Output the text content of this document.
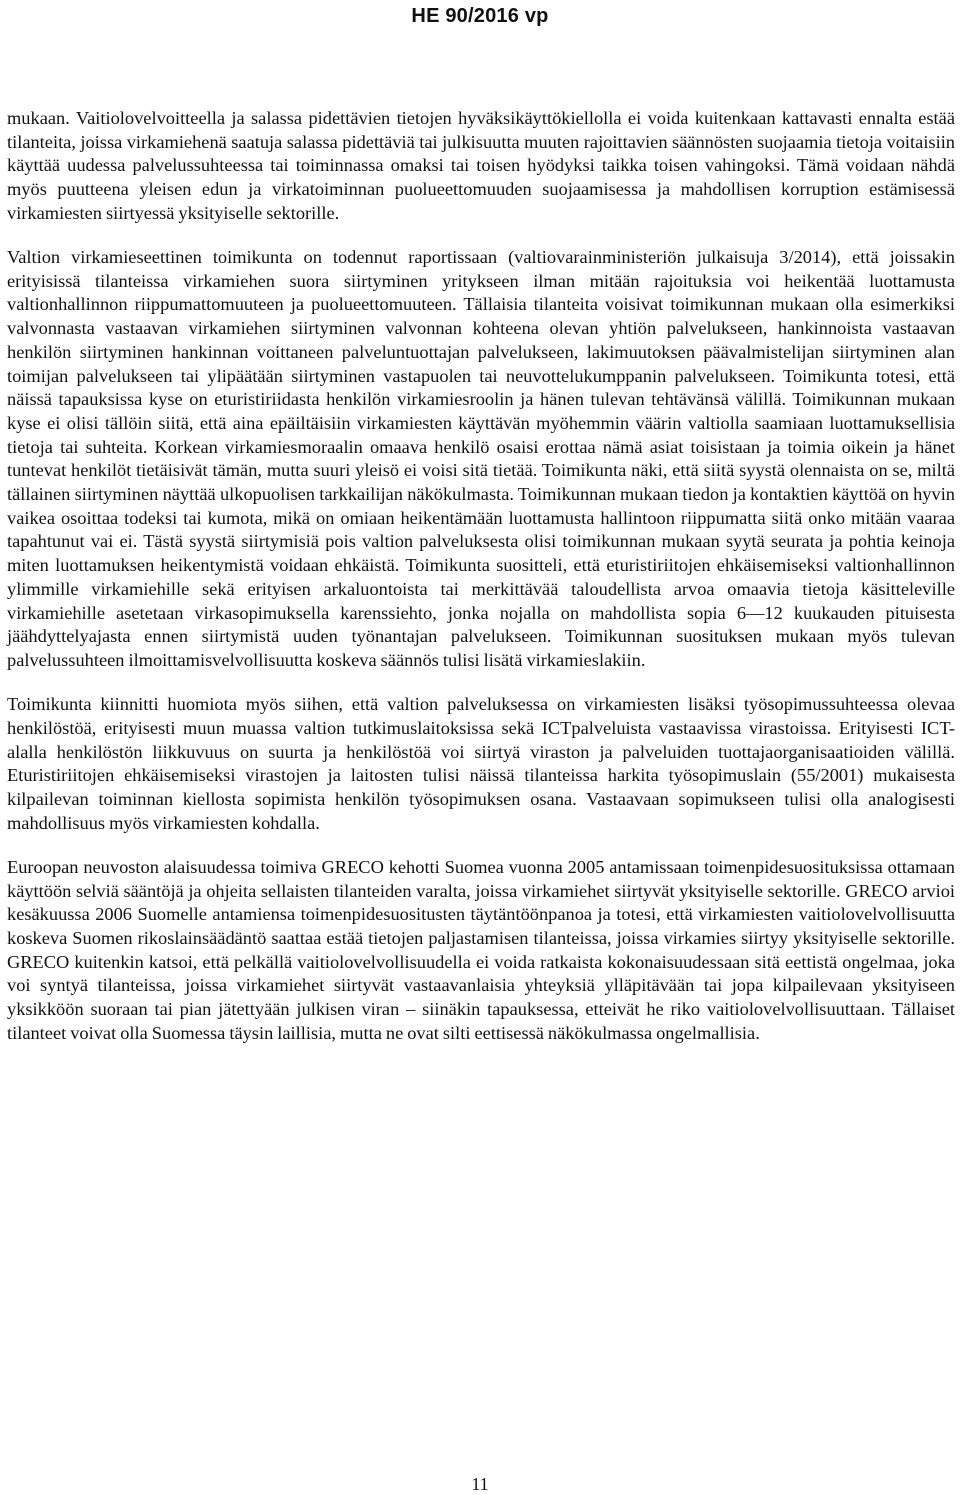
HE 90/2016 vp

mukaan. Vaitiolovelvoitteella ja salassa pidettävien tietojen hyväksikäyttökiellolla ei voida kuitenkaan kattavasti ennalta estää tilanteita, joissa virkamiehenä saatuja salassa pidettäviä tai julkisuutta muuten rajoittavien säännösten suojaamia tietoja voitaisiin käyttää uudessa palvelussuhteessa tai toiminnassa omaksi tai toisen hyödyksi taikka toisen vahingoksi. Tämä voidaan nähdä myös puutteena yleisen edun ja virkatoiminnan puolueettomuuden suojaamisessa ja mahdollisen korruption estämisessä virkamiesten siirtyessä yksityiselle sektorille.

Valtion virkamieseettinen toimikunta on todennut raportissaan (valtiovarainministeriön julkaisuja 3/2014), että joissakin erityisissä tilanteissa virkamiehen suora siirtyminen yritykseen ilman mitään rajoituksia voi heikentää luottamusta valtionhallinnon riippumattomuuteen ja puolueettomuuteen. Tällaisia tilanteita voisivat toimikunnan mukaan olla esimerkiksi valvonnasta vastaavan virkamiehen siirtyminen valvonnan kohteena olevan yhtiön palvelukseen, hankinnoista vastaavan henkilön siirtyminen hankinnan voittaneen palveluntuottajan palvelukseen, lakimuutoksen päävalmistelijan siirtyminen alan toimijan palvelukseen tai ylipäätään siirtyminen vastapuolen tai neuvottelukumppanin palvelukseen. Toimikunta totesi, että näissä tapauksissa kyse on eturistiriidasta henkilön virkamiesroolin ja hänen tulevan tehtävänsä välillä. Toimikunnan mukaan kyse ei olisi tällöin siitä, että aina epäiltäisiin virkamiesten käyttävän myöhemmin väärin valtiolla saamiaan luottamuksellisia tietoja tai suhteita. Korkean virkamiesmoraalin omaava henkilö osaisi erottaa nämä asiat toisistaan ja toimia oikein ja hänet tuntevat henkilöt tietäisivät tämän, mutta suuri yleisö ei voisi sitä tietää. Toimikunta näki, että siitä syystä olennaista on se, miltä tällainen siirtyminen näyttää ulkopuolisen tarkkailijan näkökulmasta. Toimikunnan mukaan tiedon ja kontaktien käyttöä on hyvin vaikea osoittaa todeksi tai kumota, mikä on omiaan heikentämään luottamusta hallintoon riippumatta siitä onko mitään vaaraa tapahtunut vai ei. Tästä syystä siirtymisiä pois valtion palveluksesta olisi toimikunnan mukaan syytä seurata ja pohtia keinoja miten luottamuksen heikentymistä voidaan ehkäistä. Toimikunta suositteli, että eturistiriitojen ehkäisemiseksi valtionhallinnon ylimmille virkamiehille sekä erityisen arkaluontoista tai merkittävää taloudellista arvoa omaavia tietoja käsitteleville virkamiehille asetetaan virkasopimuksella karenssiehto, jonka nojalla on mahdollista sopia 6—12 kuukauden pituisesta jäähdyttelyajasta ennen siirtymistä uuden työnantajan palvelukseen. Toimikunnan suosituksen mukaan myös tulevan palvelussuhteen ilmoittamisvelvollisuutta koskeva säännös tulisi lisätä virkamieslakiin.

Toimikunta kiinnitti huomiota myös siihen, että valtion palveluksessa on virkamiesten lisäksi työsopimussuhteessa olevaa henkilöstöä, erityisesti muun muassa valtion tutkimuslaitoksissa sekä ICTpalveluista vastaavissa virastoissa. Erityisesti ICT-alalla henkilöstön liikkuvuus on suurta ja henkilöstöä voi siirtyä viraston ja palveluiden tuottajaorganisaatioiden välillä. Eturistiriitojen ehkäisemiseksi virastojen ja laitosten tulisi näissä tilanteissa harkita työsopimuslain (55/2001) mukaisesta kilpailevan toiminnan kiellosta sopimista henkilön työsopimuksen osana. Vastaavaan sopimukseen tulisi olla analogisesti mahdollisuus myös virkamiesten kohdalla.

Euroopan neuvoston alaisuudessa toimiva GRECO kehotti Suomea vuonna 2005 antamissaan toimenpidesuosituksissa ottamaan käyttöön selviä sääntöjä ja ohjeita sellaisten tilanteiden varalta, joissa virkamiehet siirtyvät yksityiselle sektorille. GRECO arvioi kesäkuussa 2006 Suomelle antamiensa toimenpidesuositusten täytäntöönpanoa ja totesi, että virkamiesten vaitiolovelvollisuutta koskeva Suomen rikoslainsäädäntö saattaa estää tietojen paljastamisen tilanteissa, joissa virkamies siirtyy yksityiselle sektorille. GRECO kuitenkin katsoi, että pelkällä vaitiolovelvollisuudella ei voida ratkaista kokonaisuudessaan sitä eettistä ongelmaa, joka voi syntyä tilanteissa, joissa virkamiehet siirtyvät vastaavanlaisia yhteyksiä ylläpitävään tai jopa kilpailevaan yksityiseen yksikköön suoraan tai pian jätettyään julkisen viran – siinäkin tapauksessa, etteivät he riko vaitiolovelvollisuuttaan. Tällaiset tilanteet voivat olla Suomessa täysin laillisia, mutta ne ovat silti eettisessä näkökulmassa ongelmallisia.

11
